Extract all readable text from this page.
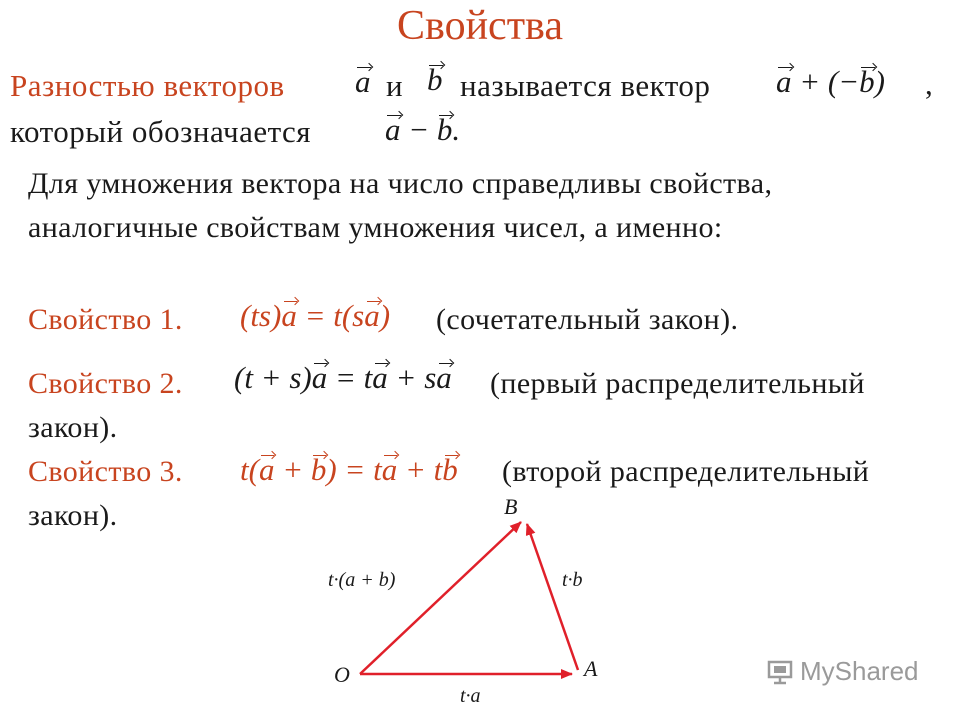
Свойства
Разностью векторов a и b называется вектор a + (−b) ,
который обозначается a − b.
Для умножения вектора на число справедливы свойства,
аналогичные свойствам умножения чисел, а именно:
Свойство 1. (ts)a = t(sa) (сочетательный закон).
Свойство 2. (t + s)a = ta + sa (первый распределительный
закон).
Свойство 3. t(a + b) = ta + tb (второй распределительный
закон).
O	A
B
t·a
t·b
t·(a + b)
MyShared
